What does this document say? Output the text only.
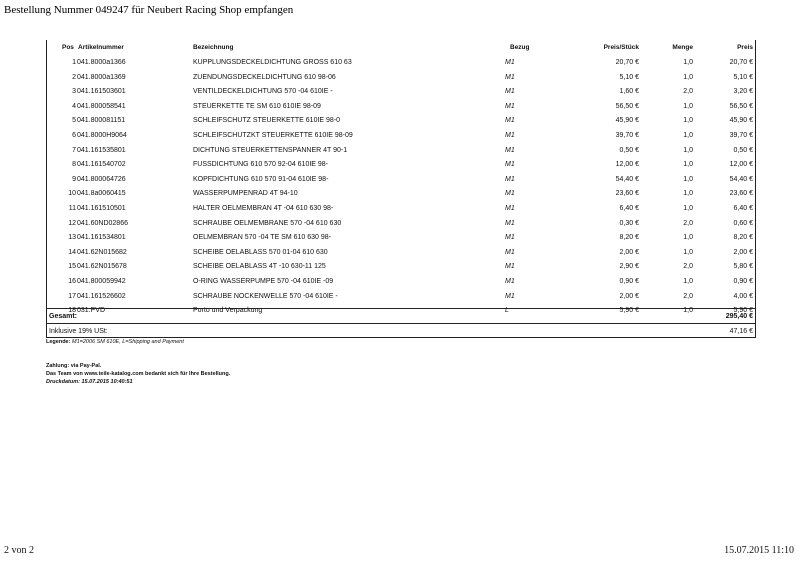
Bestellung Nummer 049247 für Neubert Racing Shop empfangen
Pos Artikelnummer	Bezeichnung	Bezug	Preis/Stück	Menge	Preis
1 041.8000a1366	KUPPLUNGSDECKELDICHTUNG GROSS 610 63	M1	20,70 €	1,0	20,70 €
2 041.8000a1369	ZUENDUNGSDECKELDICHTUNG 610 98-06	M1	5,10 €	1,0	5,10 €
3 041.161503601	VENTILDECKELDICHTUNG 570 -04 610IE -	M1	1,60 €	2,0	3,20 €
4 041.800058541	STEUERKETTE TE SM 610 610IE 98-09	M1	56,50 €	1,0	56,50 €
5 041.800081151	SCHLEIFSCHUTZ STEUERKETTE 610IE 98-0	M1	45,90 €	1,0	45,90 €
6 041.8000H9064	SCHLEIFSCHUTZKT STEUERKETTE 610IE 98-09	M1	39,70 €	1,0	39,70 €
7 041.161535801	DICHTUNG STEUERKETTENSPANNER 4T 90-1	M1	0,50 €	1,0	0,50 €
8 041.161540702	FUSSDICHTUNG 610 570 92-04 610IE 98-	M1	12,00 €	1,0	12,00 €
9 041.800064726	KOPFDICHTUNG 610 570 91-04 610IE 98-	M1	54,40 €	1,0	54,40 €
10 041.8a0060415	WASSERPUMPENRAD 4T 94-10	M1	23,60 €	1,0	23,60 €
11 041.161510501	HALTER OELMEMBRAN 4T -04 610 630 98-	M1	6,40 €	1,0	6,40 €
12 041.60ND02866	SCHRAUBE OELMEMBRANE 570 -04 610 630	M1	0,30 €	2,0	0,60 €
13 041.161534801	OELMEMBRAN 570 -04 TE SM 610 630 98-	M1	8,20 €	1,0	8,20 €
14 041.62N015682	SCHEIBE OELABLASS 570 01-04 610 630	M1	2,00 €	1,0	2,00 €
15 041.62N015678	SCHEIBE OELABLASS 4T -10 630-11 125	M1	2,90 €	2,0	5,80 €
16 041.800059942	O-RING WASSERPUMPE 570 -04 610IE -09	M1	0,90 €	1,0	0,90 €
17 041.161526602	SCHRAUBE NOCKENWELLE 570 -04 610IE -	M1	2,00 €	2,0	4,00 €
18 031.PVD	Porto und Verpackung	L	5,90 €	1,0	5,90 €
Gesamt:	295,40 €
Inklusive 19% USt:	47,16 €
Legende: M1=2006 SM 610E, L=Shipping and Payment
Zahlung: via Pay-Pal.
Das Team von www.teile-katalog.com bedankt sich für Ihre Bestellung.
Druckdatum: 15.07.2015 10:40:51
2 von 2	15.07.2015 11:10
